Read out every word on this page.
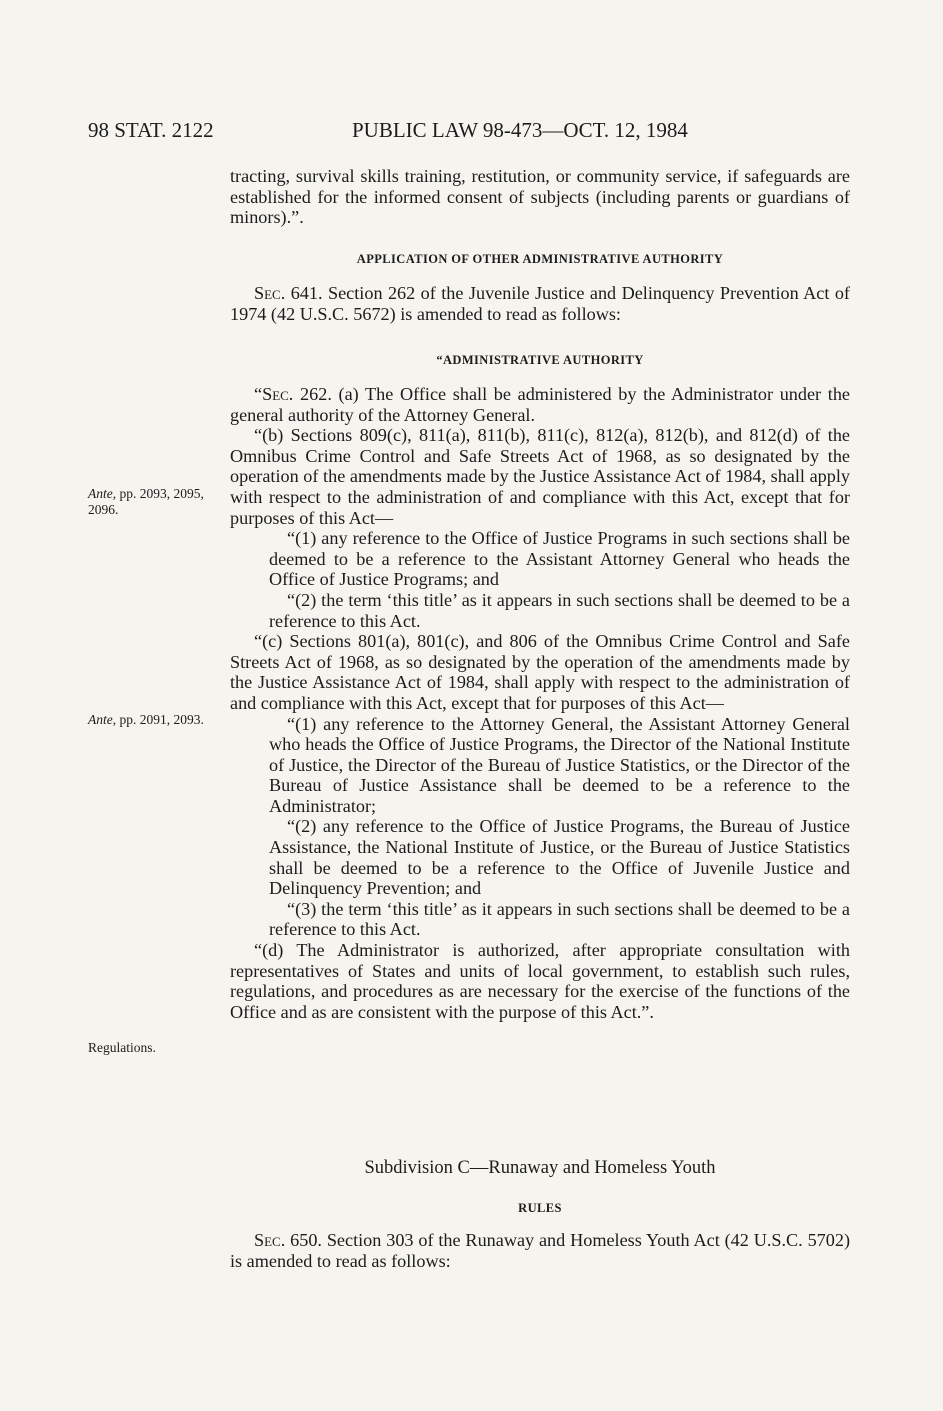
98 STAT. 2122	PUBLIC LAW 98-473—OCT. 12, 1984
Ante, pp. 2093, 2095, 2096.
Ante, pp. 2091, 2093.
Regulations.

tracting, survival skills training, restitution, or community service, if safeguards are established for the informed consent of subjects (including parents or guardians of minors).”.

APPLICATION OF OTHER ADMINISTRATIVE AUTHORITY

Sec. 641. Section 262 of the Juvenile Justice and Delinquency Prevention Act of 1974 (42 U.S.C. 5672) is amended to read as follows:

“ADMINISTRATIVE AUTHORITY

“Sec. 262. (a) The Office shall be administered by the Administrator under the general authority of the Attorney General.

“(b) Sections 809(c), 811(a), 811(b), 811(c), 812(a), 812(b), and 812(d) of the Omnibus Crime Control and Safe Streets Act of 1968, as so designated by the operation of the amendments made by the Justice Assistance Act of 1984, shall apply with respect to the administration of and compliance with this Act, except that for purposes of this Act—

“(1) any reference to the Office of Justice Programs in such sections shall be deemed to be a reference to the Assistant Attorney General who heads the Office of Justice Programs; and

“(2) the term ‘this title’ as it appears in such sections shall be deemed to be a reference to this Act.

“(c) Sections 801(a), 801(c), and 806 of the Omnibus Crime Control and Safe Streets Act of 1968, as so designated by the operation of the amendments made by the Justice Assistance Act of 1984, shall apply with respect to the administration of and compliance with this Act, except that for purposes of this Act—

“(1) any reference to the Attorney General, the Assistant Attorney General who heads the Office of Justice Programs, the Director of the National Institute of Justice, the Director of the Bureau of Justice Statistics, or the Director of the Bureau of Justice Assistance shall be deemed to be a reference to the Administrator;

“(2) any reference to the Office of Justice Programs, the Bureau of Justice Assistance, the National Institute of Justice, or the Bureau of Justice Statistics shall be deemed to be a reference to the Office of Juvenile Justice and Delinquency Prevention; and

“(3) the term ‘this title’ as it appears in such sections shall be deemed to be a reference to this Act.

“(d) The Administrator is authorized, after appropriate consultation with representatives of States and units of local government, to establish such rules, regulations, and procedures as are necessary for the exercise of the functions of the Office and as are consistent with the purpose of this Act.”.

Subdivision C—Runaway and Homeless Youth

RULES

Sec. 650. Section 303 of the Runaway and Homeless Youth Act (42 U.S.C. 5702) is amended to read as follows:
